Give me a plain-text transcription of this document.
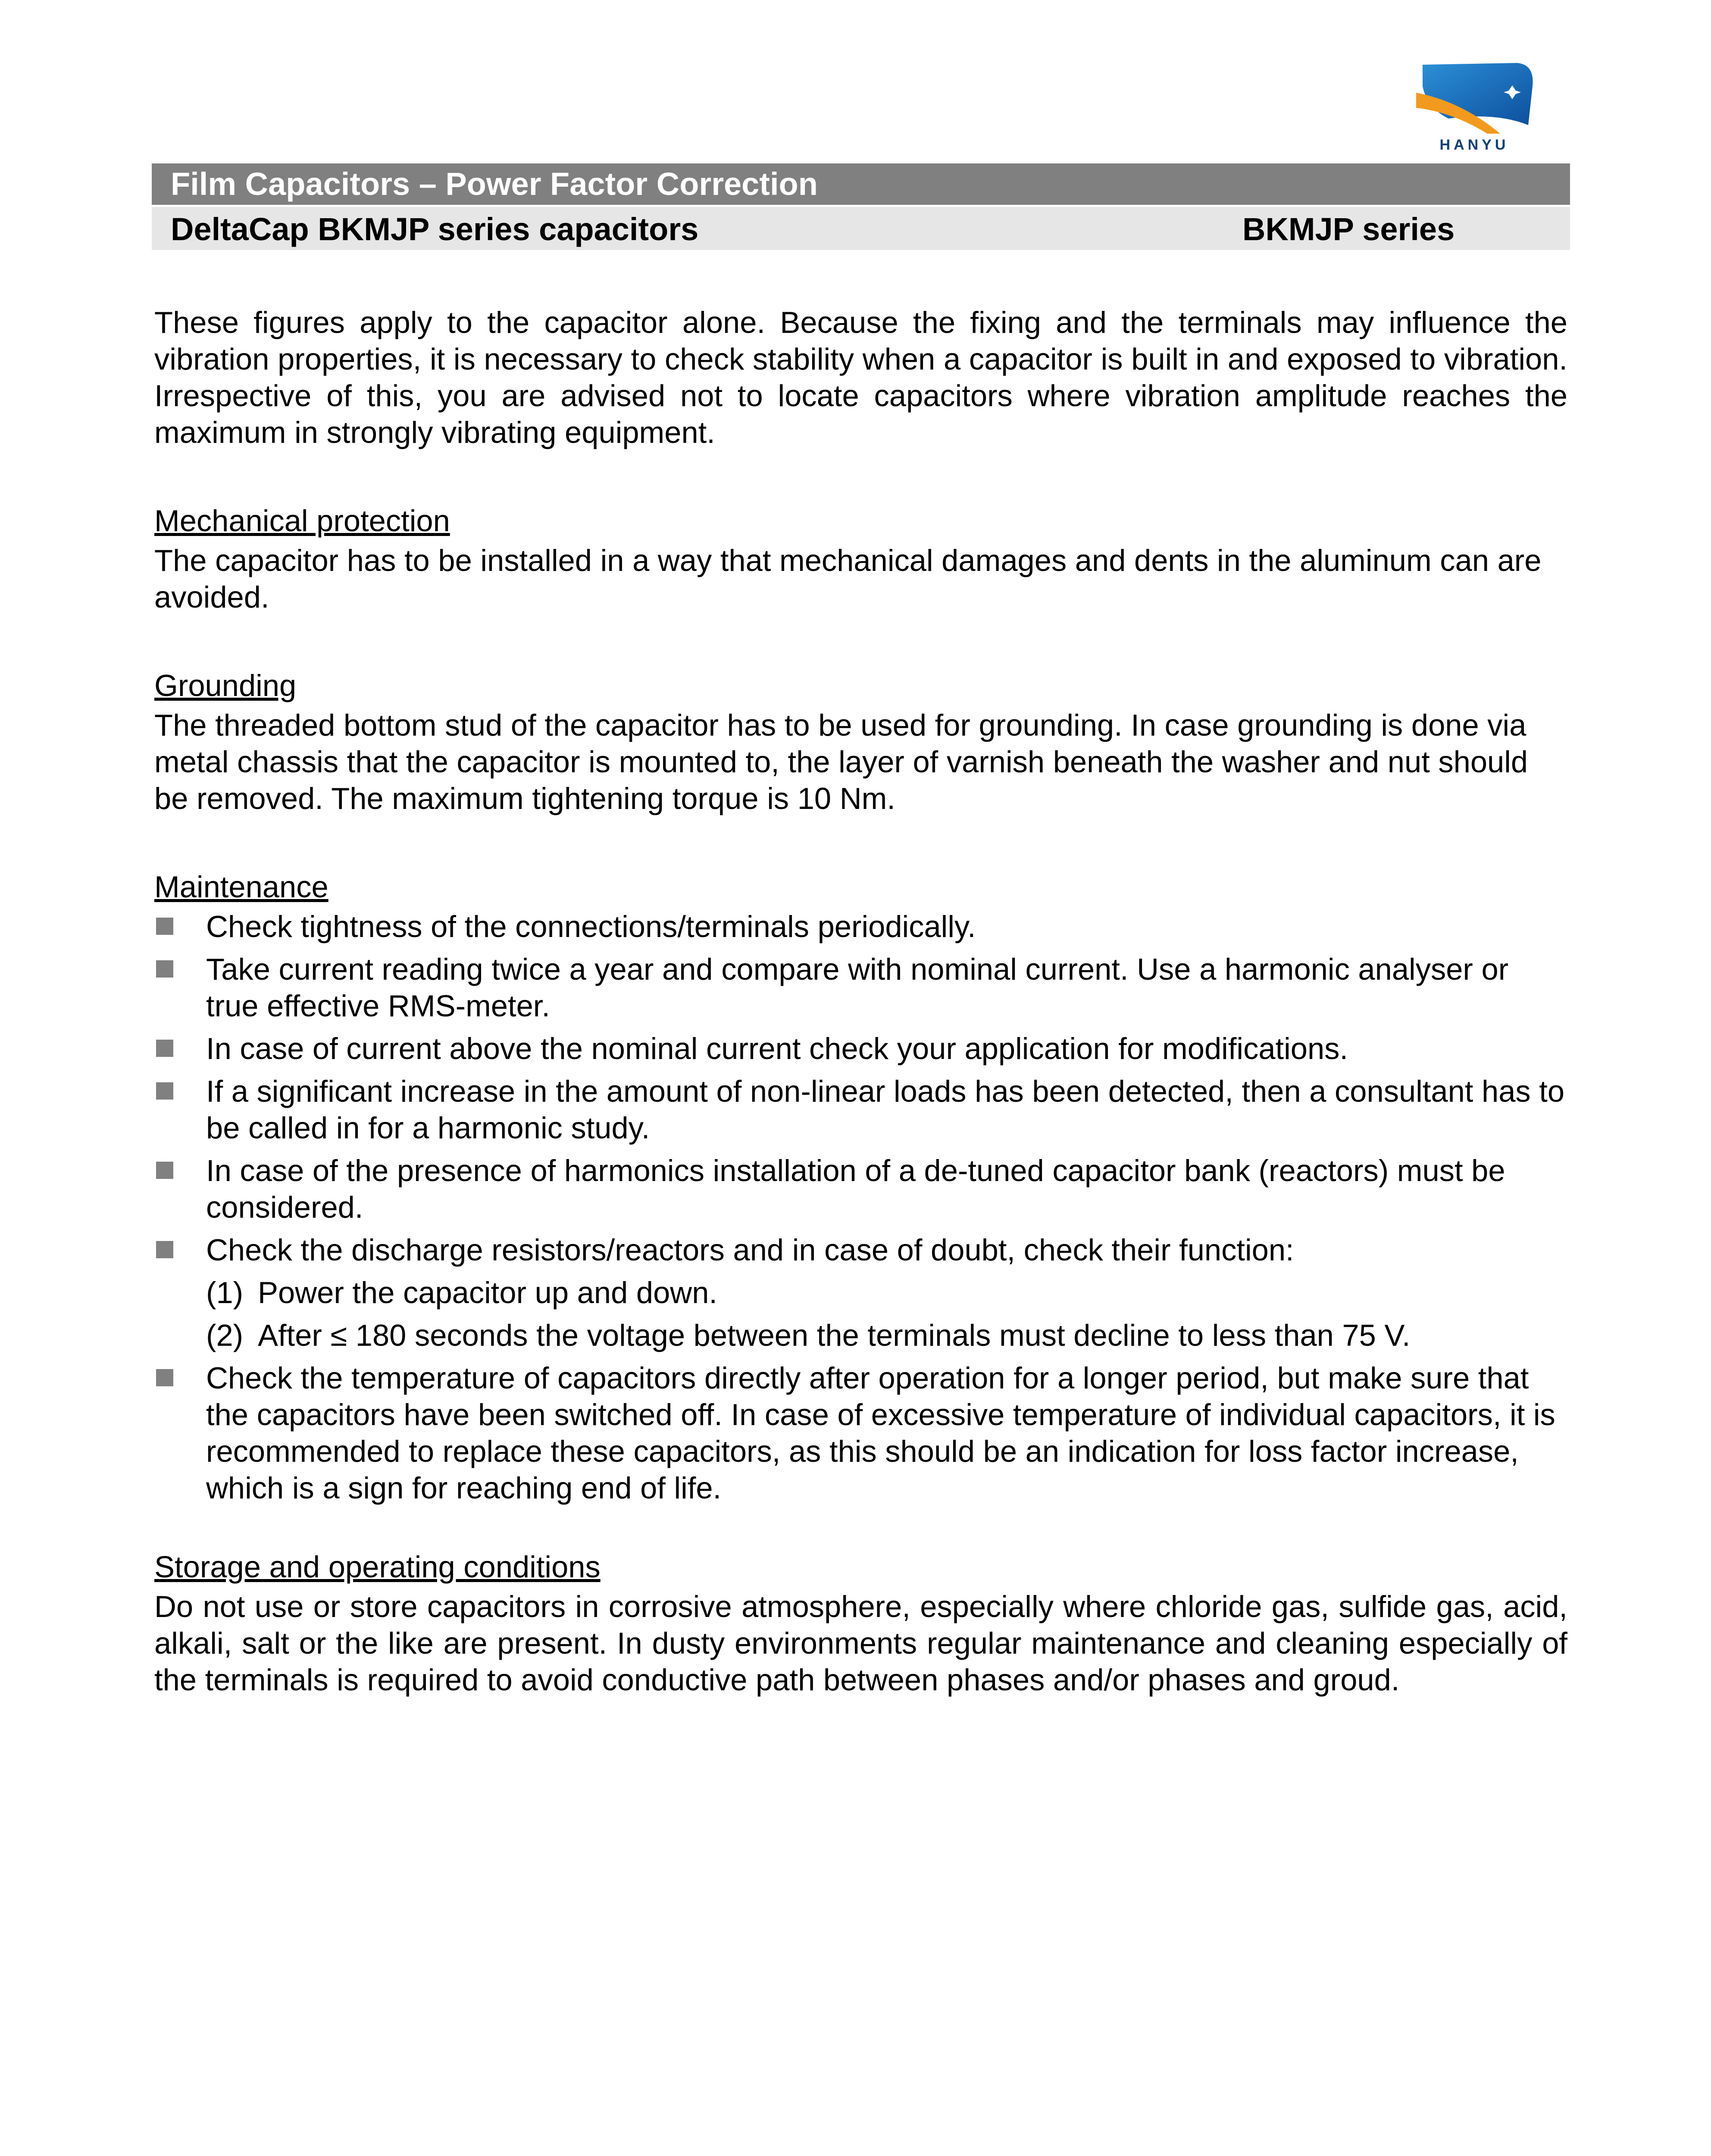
HANYU
Film Capacitors – Power Factor Correction
DeltaCap BKMJP series capacitors	BKMJP series

These figures apply to the capacitor alone. Because the fixing and the terminals may influence the vibration properties, it is necessary to check stability when a capacitor is built in and exposed to vibration. Irrespective of this, you are advised not to locate capacitors where vibration amplitude reaches the maximum in strongly vibrating equipment.

Mechanical protection

The capacitor has to be installed in a way that mechanical damages and dents in the aluminum can are avoided.

Grounding

The threaded bottom stud of the capacitor has to be used for grounding. In case grounding is done via metal chassis that the capacitor is mounted to, the layer of varnish beneath the washer and nut should be removed. The maximum tightening torque is 10 Nm.

Maintenance

Check tightness of the connections/terminals periodically.
Take current reading twice a year and compare with nominal current. Use a harmonic analyser or true effective RMS-meter.
In case of current above the nominal current check your application for modifications.
If a significant increase in the amount of non-linear loads has been detected, then a consultant has to be called in for a harmonic study.
In case of the presence of harmonics installation of a de-tuned capacitor bank (reactors) must be considered.
Check the discharge resistors/reactors and in case of doubt, check their function:
(1) Power the capacitor up and down.
(2) After ≤ 180 seconds the voltage between the terminals must decline to less than 75 V.
Check the temperature of capacitors directly after operation for a longer period, but make sure that the capacitors have been switched off. In case of excessive temperature of individual capacitors, it is recommended to replace these capacitors, as this should be an indication for loss factor increase, which is a sign for reaching end of life.

Storage and operating conditions

Do not use or store capacitors in corrosive atmosphere, especially where chloride gas, sulfide gas, acid, alkali, salt or the like are present. In dusty environments regular maintenance and cleaning especially of the terminals is required to avoid conductive path between phases and/or phases and groud.
